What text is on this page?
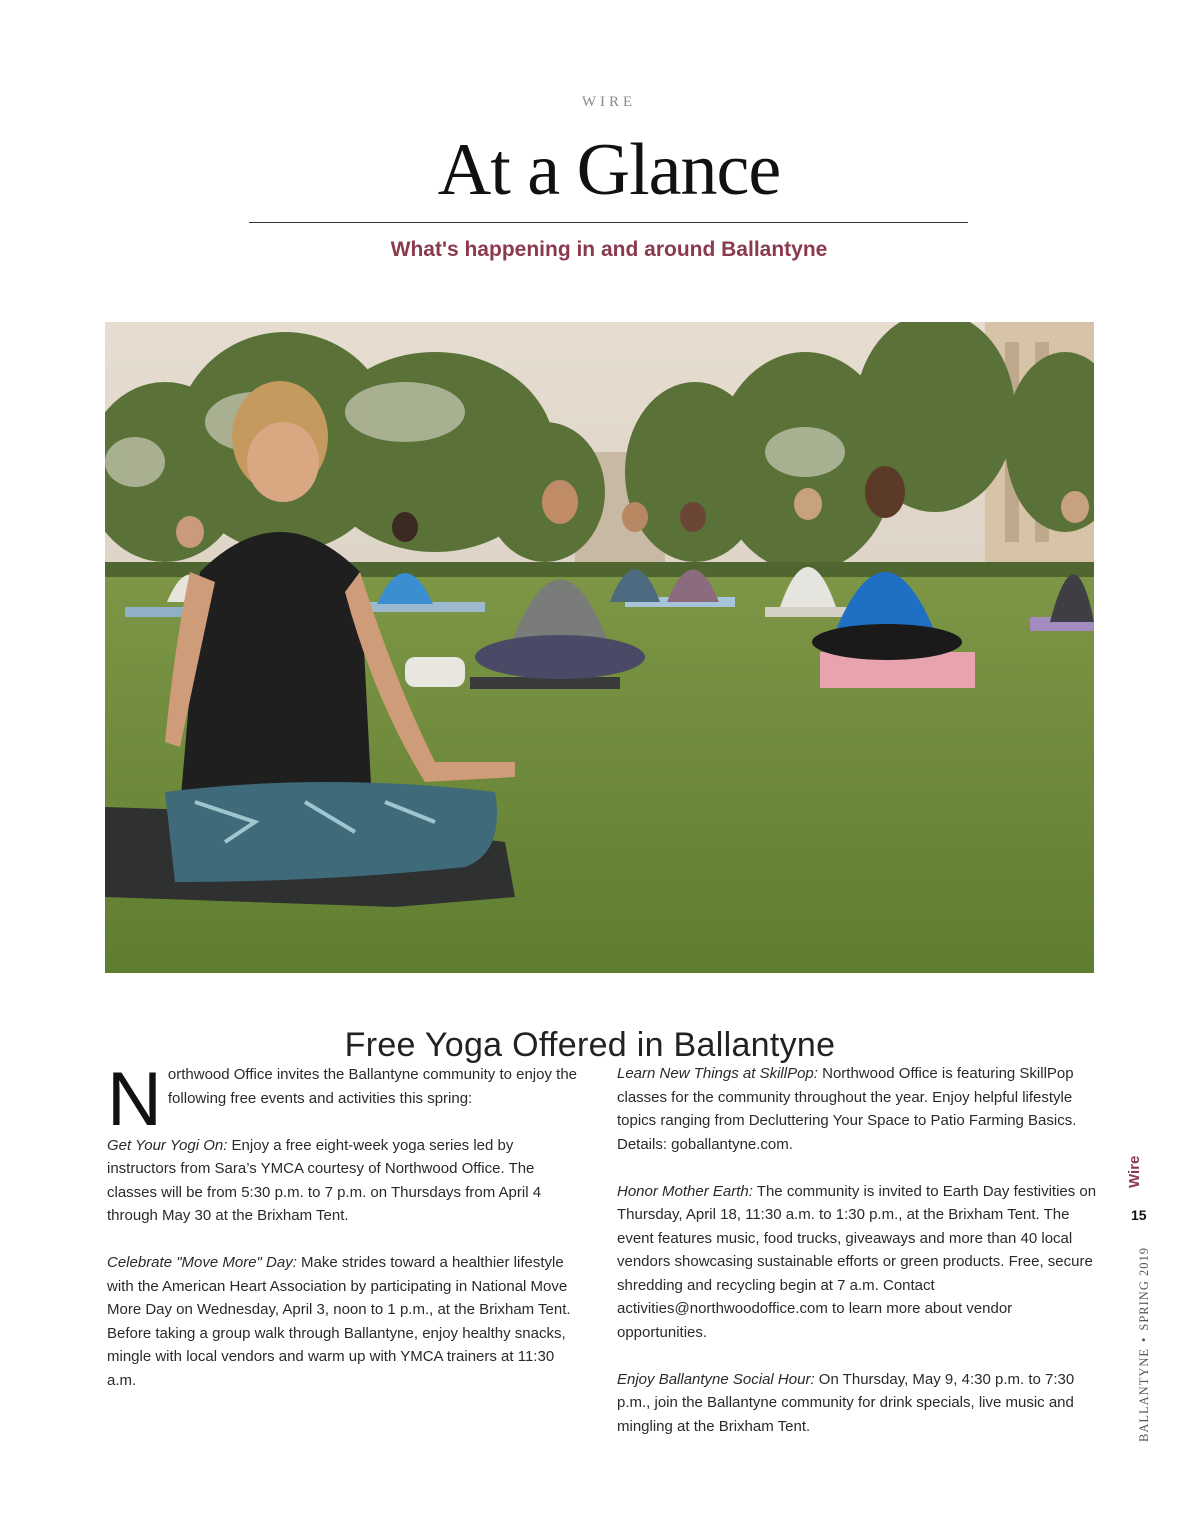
WIRE
At a Glance
What's happening in and around Ballantyne
Free Yoga Offered in Ballantyne

Northwood Office invites the Ballantyne community to enjoy the following free events and activities this spring:

Get Your Yogi On: Enjoy a free eight-week yoga series led by instructors from Sara’s YMCA courtesy of Northwood Office. The classes will be from 5:30 p.m. to 7 p.m. on Thursdays from April 4 through May 30 at the Brixham Tent.

Celebrate "Move More" Day: Make strides toward a healthier lifestyle with the American Heart Association by participating in National Move More Day on Wednesday, April 3, noon to 1 p.m., at the Brixham Tent. Before taking a group walk through Ballantyne, enjoy healthy snacks, mingle with local vendors and warm up with YMCA trainers at 11:30 a.m.

Learn New Things at SkillPop: Northwood Office is featuring SkillPop classes for the community throughout the year. Enjoy helpful lifestyle topics ranging from Decluttering Your Space to Patio Farming Basics. Details: goballantyne.com.

Honor Mother Earth: The community is invited to Earth Day festivities on Thursday, April 18, 11:30 a.m. to 1:30 p.m., at the Brixham Tent. The event features music, food trucks, giveaways and more than 40 local vendors showcasing sustainable efforts or green products. Free, secure shredding and recycling begin at 7 a.m. Contact activities@northwoodoffice.com to learn more about vendor opportunities.

Enjoy Ballantyne Social Hour: On Thursday, May 9, 4:30 p.m. to 7:30 p.m., join the Ballantyne community for drink specials, live music and mingling at the Brixham Tent.

Wire
15
BALLANTYNE•SPRING 2019
